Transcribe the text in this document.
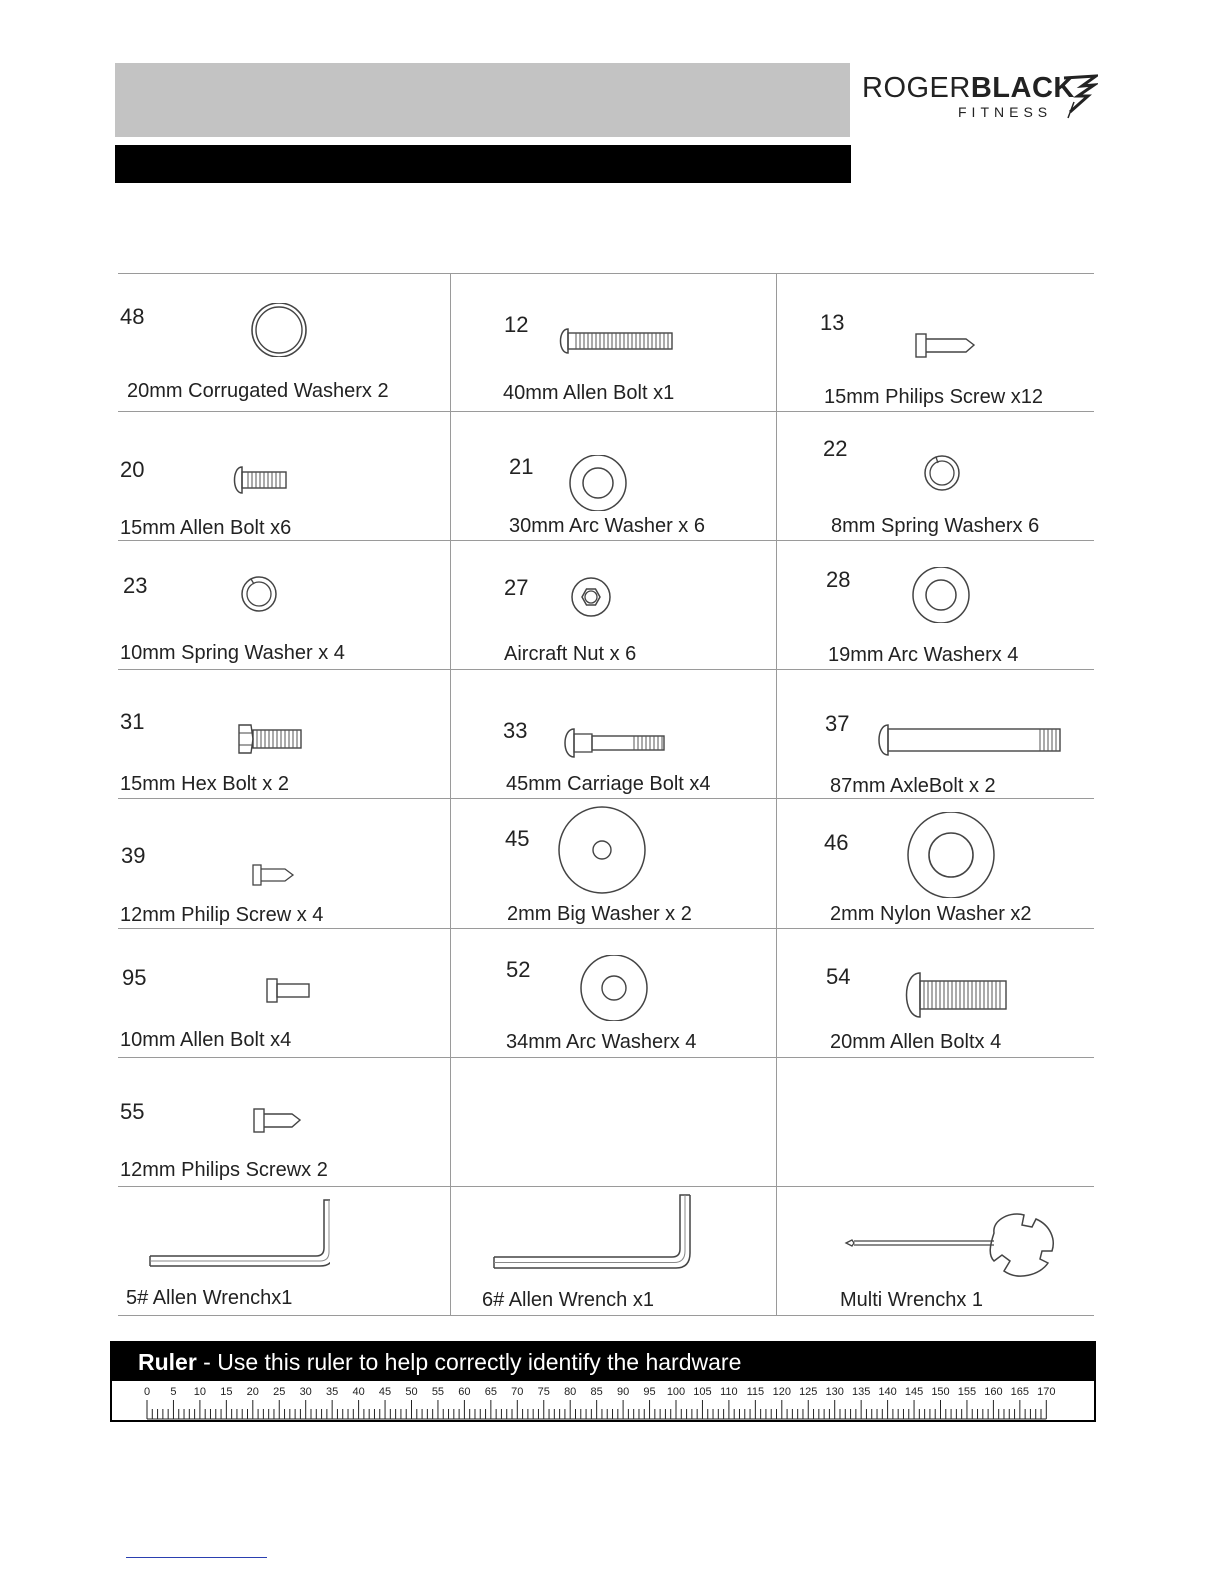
ROGERBLACK
FITNESS
48
20mm Corrugated Washerx 2
12
40mm Allen Bolt x1
13
15mm Philips Screw x12
20
15mm Allen Bolt x6
21
30mm Arc Washer x 6
22
8mm Spring Washerx 6
23
10mm Spring Washer x 4
27
Aircraft Nut x 6
28
19mm Arc Washerx 4
31
15mm Hex Bolt x 2
33
45mm Carriage Bolt x4
37
87mm AxleBolt x 2
39
12mm Philip Screw x 4
45
2mm Big Washer x 2
46
2mm Nylon Washer x2
95
10mm Allen Bolt x4
52
34mm Arc Washerx 4
54
20mm Allen Boltx 4
55
12mm Philips Screwx 2
5# Allen Wrenchx1	6# Allen Wrench x1	Multi Wrenchx 1
Ruler - Use this ruler to help correctly identify the hardware
0 5 10 15 20 25 30 35 40 45 50 55 60 65 70 75 80 85 90 95 100 105 110 115 120 125 130 135 140 145 150 155 160 165 170
